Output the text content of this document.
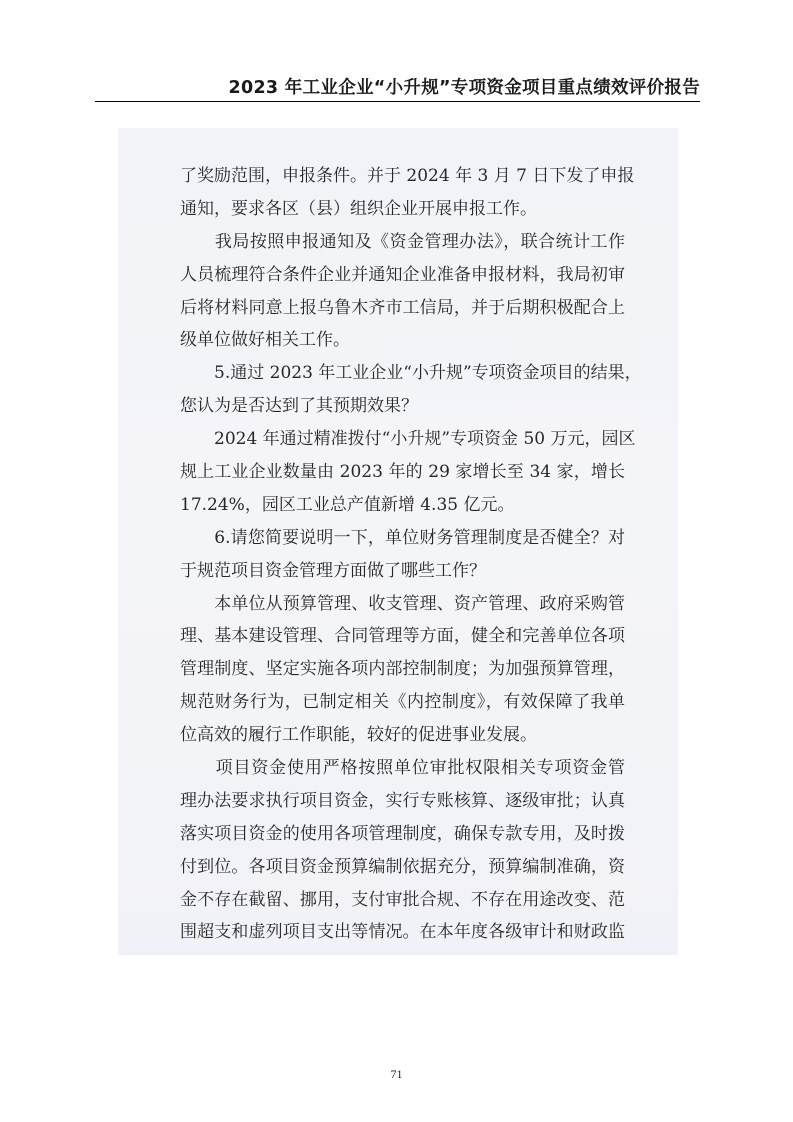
2023 年工业企业“小升规”专项资金项目重点绩效评价报告
了奖励范围，申报条件。并于 2024 年 3 月 7 日下发了申报
通知，要求各区（县）组织企业开展申报工作。
　　我局按照申报通知及《资金管理办法》，联合统计工作
人员梳理符合条件企业并通知企业准备申报材料，我局初审
后将材料同意上报乌鲁木齐市工信局，并于后期积极配合上
级单位做好相关工作。
　　5.通过 2023 年工业企业“小升规”专项资金项目的结果，
您认为是否达到了其预期效果？
　　2024 年通过精准拨付“小升规”专项资金 50 万元，园区
规上工业企业数量由 2023 年的 29 家增长至 34 家，增长
17.24%，园区工业总产值新增 4.35 亿元。
　　6.请您简要说明一下，单位财务管理制度是否健全？对
于规范项目资金管理方面做了哪些工作？
　　本单位从预算管理、收支管理、资产管理、政府采购管
理、基本建设管理、合同管理等方面，健全和完善单位各项
管理制度、坚定实施各项内部控制制度；为加强预算管理，
规范财务行为，已制定相关《内控制度》，有效保障了我单
位高效的履行工作职能，较好的促进事业发展。
　　项目资金使用严格按照单位审批权限相关专项资金管
理办法要求执行项目资金，实行专账核算、逐级审批；认真
落实项目资金的使用各项管理制度，确保专款专用，及时拨
付到位。各项目资金预算编制依据充分，预算编制准确，资
金不存在截留、挪用，支付审批合规、不存在用途改变、范
围超支和虚列项目支出等情况。在本年度各级审计和财政监
71
